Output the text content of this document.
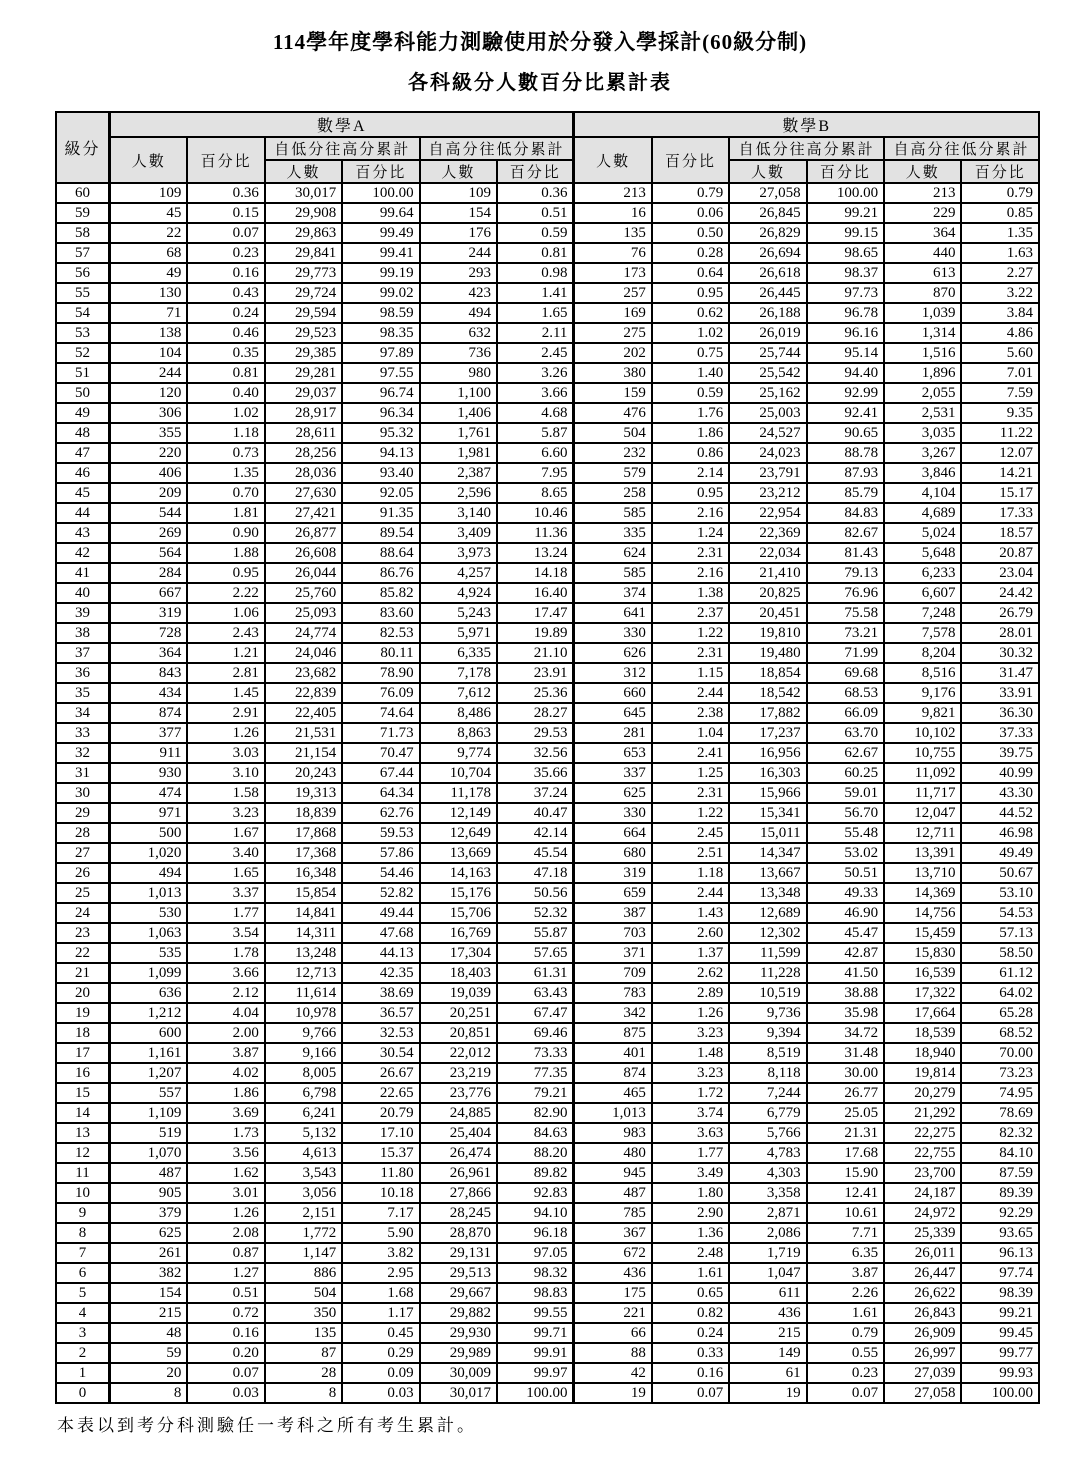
114學年度學科能力測驗使用於分發入學採計(60級分制)
各科級分人數百分比累計表
級分	數學A						數學B					
	人數	百分比	自低分往高分累計		自高分往低分累計		人數	百分比	自低分往高分累計		自高分往低分累計	
			人數	百分比	人數	百分比			人數	百分比	人數	百分比
60	109	0.36	30,017	100.00	109	0.36	213	0.79	27,058	100.00	213	0.79
59	45	0.15	29,908	99.64	154	0.51	16	0.06	26,845	99.21	229	0.85
58	22	0.07	29,863	99.49	176	0.59	135	0.50	26,829	99.15	364	1.35
57	68	0.23	29,841	99.41	244	0.81	76	0.28	26,694	98.65	440	1.63
56	49	0.16	29,773	99.19	293	0.98	173	0.64	26,618	98.37	613	2.27
55	130	0.43	29,724	99.02	423	1.41	257	0.95	26,445	97.73	870	3.22
54	71	0.24	29,594	98.59	494	1.65	169	0.62	26,188	96.78	1,039	3.84
53	138	0.46	29,523	98.35	632	2.11	275	1.02	26,019	96.16	1,314	4.86
52	104	0.35	29,385	97.89	736	2.45	202	0.75	25,744	95.14	1,516	5.60
51	244	0.81	29,281	97.55	980	3.26	380	1.40	25,542	94.40	1,896	7.01
50	120	0.40	29,037	96.74	1,100	3.66	159	0.59	25,162	92.99	2,055	7.59
49	306	1.02	28,917	96.34	1,406	4.68	476	1.76	25,003	92.41	2,531	9.35
48	355	1.18	28,611	95.32	1,761	5.87	504	1.86	24,527	90.65	3,035	11.22
47	220	0.73	28,256	94.13	1,981	6.60	232	0.86	24,023	88.78	3,267	12.07
46	406	1.35	28,036	93.40	2,387	7.95	579	2.14	23,791	87.93	3,846	14.21
45	209	0.70	27,630	92.05	2,596	8.65	258	0.95	23,212	85.79	4,104	15.17
44	544	1.81	27,421	91.35	3,140	10.46	585	2.16	22,954	84.83	4,689	17.33
43	269	0.90	26,877	89.54	3,409	11.36	335	1.24	22,369	82.67	5,024	18.57
42	564	1.88	26,608	88.64	3,973	13.24	624	2.31	22,034	81.43	5,648	20.87
41	284	0.95	26,044	86.76	4,257	14.18	585	2.16	21,410	79.13	6,233	23.04
40	667	2.22	25,760	85.82	4,924	16.40	374	1.38	20,825	76.96	6,607	24.42
39	319	1.06	25,093	83.60	5,243	17.47	641	2.37	20,451	75.58	7,248	26.79
38	728	2.43	24,774	82.53	5,971	19.89	330	1.22	19,810	73.21	7,578	28.01
37	364	1.21	24,046	80.11	6,335	21.10	626	2.31	19,480	71.99	8,204	30.32
36	843	2.81	23,682	78.90	7,178	23.91	312	1.15	18,854	69.68	8,516	31.47
35	434	1.45	22,839	76.09	7,612	25.36	660	2.44	18,542	68.53	9,176	33.91
34	874	2.91	22,405	74.64	8,486	28.27	645	2.38	17,882	66.09	9,821	36.30
33	377	1.26	21,531	71.73	8,863	29.53	281	1.04	17,237	63.70	10,102	37.33
32	911	3.03	21,154	70.47	9,774	32.56	653	2.41	16,956	62.67	10,755	39.75
31	930	3.10	20,243	67.44	10,704	35.66	337	1.25	16,303	60.25	11,092	40.99
30	474	1.58	19,313	64.34	11,178	37.24	625	2.31	15,966	59.01	11,717	43.30
29	971	3.23	18,839	62.76	12,149	40.47	330	1.22	15,341	56.70	12,047	44.52
28	500	1.67	17,868	59.53	12,649	42.14	664	2.45	15,011	55.48	12,711	46.98
27	1,020	3.40	17,368	57.86	13,669	45.54	680	2.51	14,347	53.02	13,391	49.49
26	494	1.65	16,348	54.46	14,163	47.18	319	1.18	13,667	50.51	13,710	50.67
25	1,013	3.37	15,854	52.82	15,176	50.56	659	2.44	13,348	49.33	14,369	53.10
24	530	1.77	14,841	49.44	15,706	52.32	387	1.43	12,689	46.90	14,756	54.53
23	1,063	3.54	14,311	47.68	16,769	55.87	703	2.60	12,302	45.47	15,459	57.13
22	535	1.78	13,248	44.13	17,304	57.65	371	1.37	11,599	42.87	15,830	58.50
21	1,099	3.66	12,713	42.35	18,403	61.31	709	2.62	11,228	41.50	16,539	61.12
20	636	2.12	11,614	38.69	19,039	63.43	783	2.89	10,519	38.88	17,322	64.02
19	1,212	4.04	10,978	36.57	20,251	67.47	342	1.26	9,736	35.98	17,664	65.28
18	600	2.00	9,766	32.53	20,851	69.46	875	3.23	9,394	34.72	18,539	68.52
17	1,161	3.87	9,166	30.54	22,012	73.33	401	1.48	8,519	31.48	18,940	70.00
16	1,207	4.02	8,005	26.67	23,219	77.35	874	3.23	8,118	30.00	19,814	73.23
15	557	1.86	6,798	22.65	23,776	79.21	465	1.72	7,244	26.77	20,279	74.95
14	1,109	3.69	6,241	20.79	24,885	82.90	1,013	3.74	6,779	25.05	21,292	78.69
13	519	1.73	5,132	17.10	25,404	84.63	983	3.63	5,766	21.31	22,275	82.32
12	1,070	3.56	4,613	15.37	26,474	88.20	480	1.77	4,783	17.68	22,755	84.10
11	487	1.62	3,543	11.80	26,961	89.82	945	3.49	4,303	15.90	23,700	87.59
10	905	3.01	3,056	10.18	27,866	92.83	487	1.80	3,358	12.41	24,187	89.39
9	379	1.26	2,151	7.17	28,245	94.10	785	2.90	2,871	10.61	24,972	92.29
8	625	2.08	1,772	5.90	28,870	96.18	367	1.36	2,086	7.71	25,339	93.65
7	261	0.87	1,147	3.82	29,131	97.05	672	2.48	1,719	6.35	26,011	96.13
6	382	1.27	886	2.95	29,513	98.32	436	1.61	1,047	3.87	26,447	97.74
5	154	0.51	504	1.68	29,667	98.83	175	0.65	611	2.26	26,622	98.39
4	215	0.72	350	1.17	29,882	99.55	221	0.82	436	1.61	26,843	99.21
3	48	0.16	135	0.45	29,930	99.71	66	0.24	215	0.79	26,909	99.45
2	59	0.20	87	0.29	29,989	99.91	88	0.33	149	0.55	26,997	99.77
1	20	0.07	28	0.09	30,009	99.97	42	0.16	61	0.23	27,039	99.93
0	8	0.03	8	0.03	30,017	100.00	19	0.07	19	0.07	27,058	100.00
本表以到考分科測驗任一考科之所有考生累計。
